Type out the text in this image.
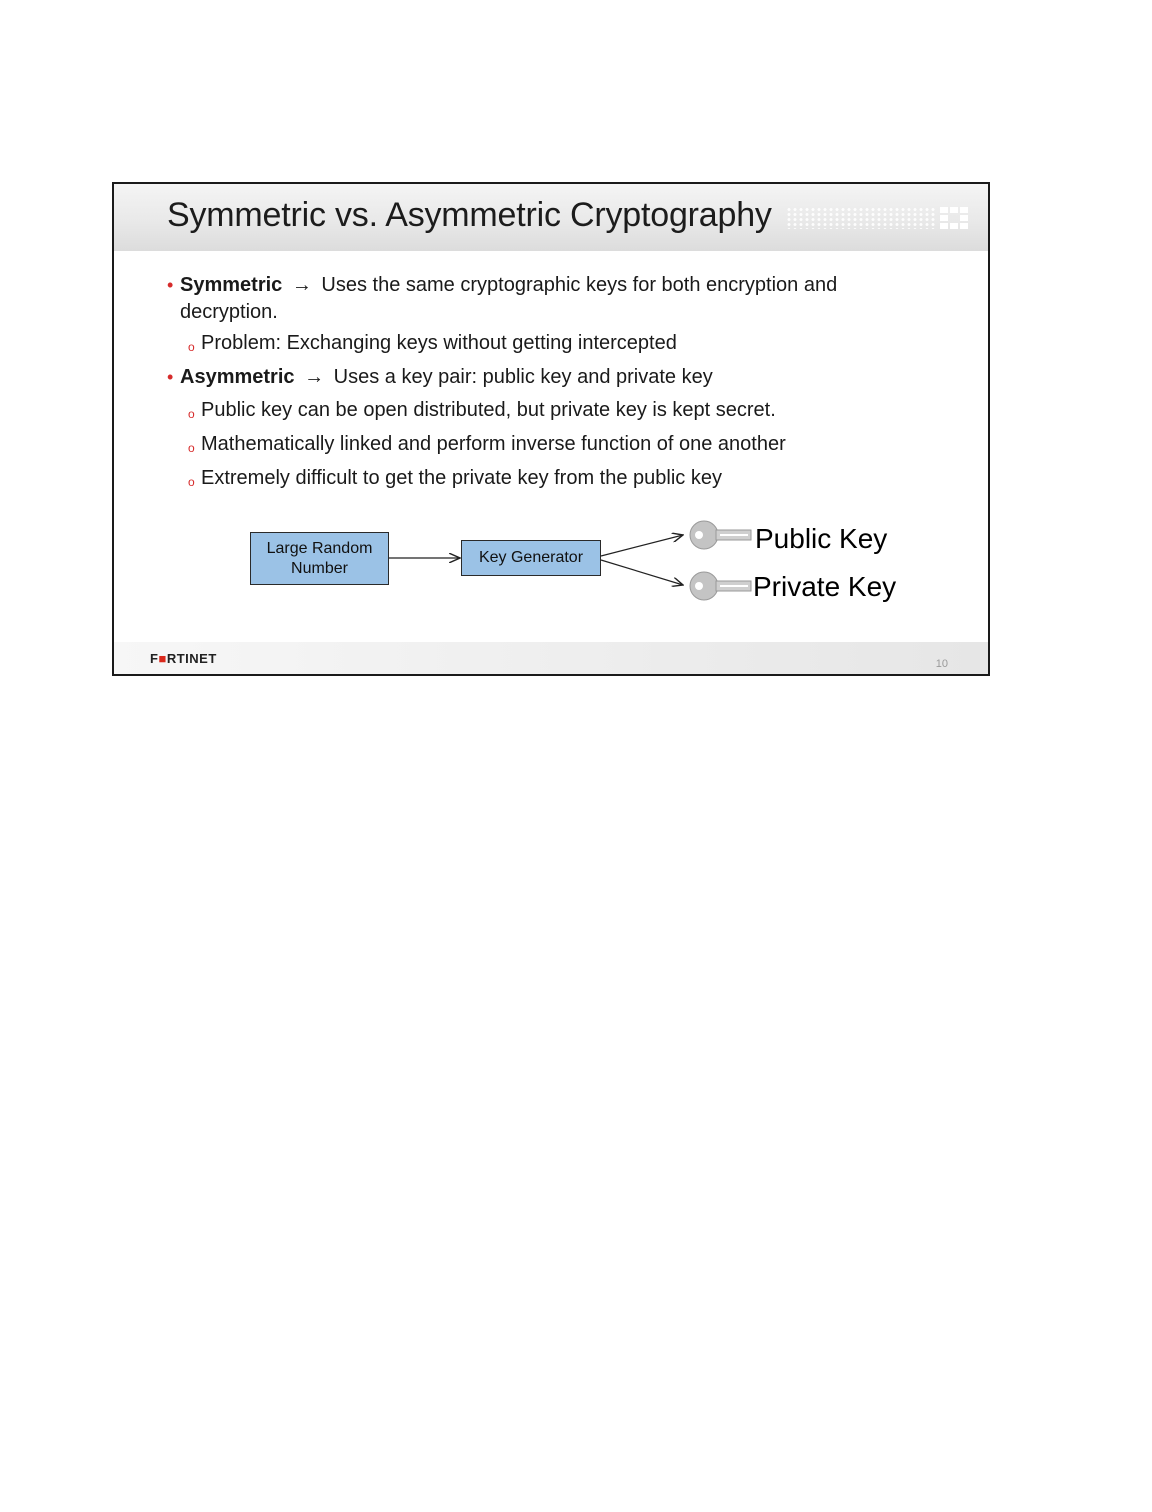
Symmetric vs. Asymmetric Cryptography
• Symmetric → Uses the same cryptographic keys for both encryption and
decryption.
o Problem: Exchanging keys without getting intercepted
• Asymmetric → Uses a key pair: public key and private key
o Public key can be open distributed, but private key is kept secret.
o Mathematically linked and perform inverse function of one another
o Extremely difficult to get the private key from the public key
Large Random
Number
Key Generator
Public Key
Private Key
F■RTINET	10
